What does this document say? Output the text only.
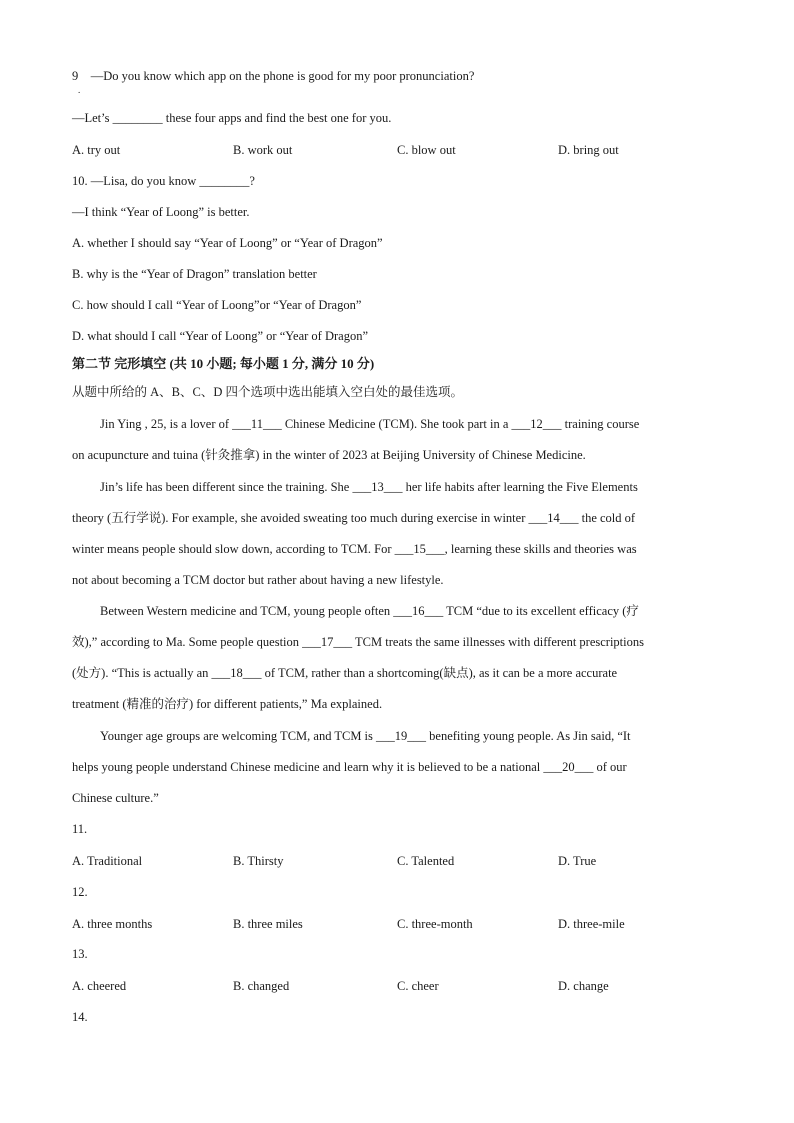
9　—Do you know which app on the phone is good for my poor pronunciation?
.
—Let’s ________ these four apps and find the best one for you.
A. try out	B. work out	C. blow out	D. bring out
10. —Lisa, do you know ________?
—I think “Year of Loong” is better.
A. whether I should say “Year of Loong” or “Year of Dragon”
B. why is the “Year of Dragon” translation better
C. how should I call “Year of Loong”or “Year of Dragon”
D. what should I call “Year of Loong” or “Year of Dragon”
第二节 完形填空 (共 10 小题; 每小题 1 分, 满分 10 分)
从题中所给的 A、B、C、D 四个选项中选出能填入空白处的最佳选项。
Jin Ying , 25, is a lover of ___11___ Chinese Medicine (TCM). She took part in a ___12___ training course
on acupuncture and tuina (针灸推拿) in the winter of 2023 at Beijing University of Chinese Medicine.
Jin’s life has been different since the training. She ___13___ her life habits after learning the Five Elements
theory (五行学说). For example, she avoided sweating too much during exercise in winter ___14___ the cold of
winter means people should slow down, according to TCM. For ___15___, learning these skills and theories was
not about becoming a TCM doctor but rather about having a new lifestyle.
Between Western medicine and TCM, young people often ___16___ TCM “due to its excellent efficacy (疗
效),” according to Ma. Some people question ___17___ TCM treats the same illnesses with different prescriptions
(处方). “This is actually an ___18___ of TCM, rather than a shortcoming(缺点), as it can be a more accurate
treatment (精准的治疗) for different patients,” Ma explained.
Younger age groups are welcoming TCM, and TCM is ___19___ benefiting young people. As Jin said, “It
helps young people understand Chinese medicine and learn why it is believed to be a national ___20___ of our
Chinese culture.”
11.
A. Traditional	B. Thirsty	C. Talented	D. True
12.
A. three months	B. three miles	C. three-month	D. three-mile
13.
A. cheered	B. changed	C. cheer	D. change
14.
